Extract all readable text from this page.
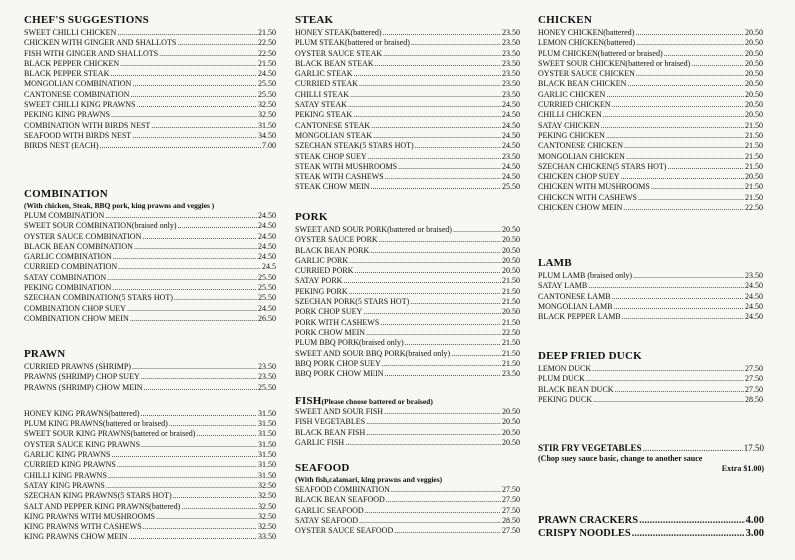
CHEF'S SUGGESTIONS
SWEET CHILLI CHICKEN .....	21.50
CHICKEN WITH GINGER AND SHALLOTS .....	22.50
FISH WITH GINGER AND SHALLOTS .....	22.50
BLACK PEPPER CHICKEN .....	21.50
BLACK PEPPER STEAK .....	24.50
MONGOLIAN COMBINATION .....	25.50
CANTONESE COMBINATION .....	25.50
SWEET CHILLI KING PRAWNS .....	32.50
PEKING KING PRAWNS .....	32.50
COMBINATION WITH BIRDS NEST .....	31.50
SEAFOOD WITH BIRDS NEST .....	34.50
BIRDS NEST (EACH) .....	7.00
COMBINATION
(With chicken, Steak, BBQ pork, king prawns and veggies )
PLUM COMBINATION .....	24.50
SWEET SOUR COMBINATION(braised only) .....	24.50
OYSTER SAUCE COMBINATION .....	24.50
BLACK BEAN COMBINATION .....	24.50
GARLIC COMBINATION .....	24.50
CURRIED COMBINATION .....	24.5
SATAY COMBINATION .....	25.50
PEKING COMBINATION .....	25.50
SZECHAN COMBINATION(5 STARS HOT) .....	25.50
COMBINATION CHOP SUEY .....	24.50
COMBINATION CHOW MEIN .....	26.50
PRAWN
CURRIED PRAWNS (SHRIMP) .....	23.50
PRAWNS (SHRIMP) CHOP SUEY .....	23.50
PRAWNS (SHRIMP) CHOW MEIN .....	25.50
HONEY KING PRAWNS(battered) .....	31.50
PLUM KING PRAWNS(battered or braised) .....	31.50
SWEET SOUR KING PRAWNS(battered or braised) .....	31.50
OYSTER SAUCE KING PRAWNS .....	31.50
GARLIC KING PRAWNS .....	31.50
CURRIED KING PRAWNS .....	31.50
CHILLI KING PRAWNS .....	31.50
SATAY KING PRAWNS .....	32.50
SZECHAN KING PRAWNS(5 STARS HOT) .....	32.50
SALT AND PEPPER KING PRAWNS(battered) .....	32.50
KING PRAWNS WITH MUSHROOMS .....	32.50
KING PRAWNS WITH CASHEWS .....	32.50
KING PRAWNS CHOW MEIN .....	33.50
STEAK
HONEY STEAK(battered) .....	23.50
PLUM STEAK(battered or braised) .....	23.50
OYSTER SAUCE STEAK .....	23.50
BLACK BEAN STEAK .....	23.50
GARLIC STEAK .....	23.50
CURRIED STEAK .....	23.50
CHILLI STEAK .....	23.50
SATAY STEAK .....	24.50
PEKING STEAK .....	24.50
CANTONESE STEAK .....	24.50
MONGOLIAN STEAK .....	24.50
SZECHAN STEAK(5 STARS HOT) .....	24.50
STEAK CHOP SUEY .....	23.50
STEAK WITH MUSHROOMS .....	24.50
STEAK WITH CASHEWS .....	24.50
STEAK CHOW MEIN .....	25.50
PORK
SWEET AND SOUR PORK(battered or braised) .....	20.50
OYSTER SAUCE PORK .....	20.50
BLACK BEAN PORK .....	20.50
GARLIC PORK .....	20.50
CURRIED PORK .....	20.50
SATAY PORK .....	21.50
PEKING PORK .....	21.50
SZECHAN PORK(5 STARS HOT) .....	21.50
PORK CHOP SUEY .....	20.50
PORK WITH CASHEWS .....	21.50
PORK CHOW MEIN .....	22.50
PLUM BBQ PORK(braised only) .....	21.50
SWEET AND SOUR BBQ PORK(braised only) .....	21.50
BBQ PORK CHOP SUEY .....	21.50
BBQ PORK CHOW MEIN .....	23.50
FISH(Please choose battered or braised)
SWEET AND SOUR FISH .....	20.50
FISH VEGETABLES .....	20.50
BLACK BEAN FISH .....	20.50
GARLIC FISH .....	20.50
SEAFOOD
(With fish,calamari, king prawns and veggies)
SEAFOOD COMBINATION .....	27.50
BLACK BEAN SEAFOOD .....	27.50
GARLIC SEAFOOD .....	27.50
SATAY SEAFOOD .....	28.50
OYSTER SAUCE SEAFOOD .....	27.50
CHICKEN
HONEY CHICKEN(battered) .....	20.50
LEMON CHICKEN(battered) .....	20.50
PLUM CHICKEN(battered or braised) .....	20.50
SWEET SOUR CHICKEN(battered or braised) .....	20.50
OYSTER SAUCE CHICKEN .....	20.50
BLACK BEAN CHICKEN .....	20.50
GARLIC CHICKEN .....	20.50
CURRIED CHICKEN .....	20.50
CHILLI CHICKEN .....	20.50
SATAY CHICKEN .....	21.50
PEKING CHICKEN .....	21.50
CANTONESE CHICKEN .....	21.50
MONGOLIAN CHICKEN .....	21.50
SZECHAN CHICKEN(5 STARS HOT) .....	21.50
CHICKEN CHOP SUEY .....	20.50
CHICKEN WITH MUSHROOMS .....	21.50
CHICKCN WITH CASHEWS .....	21.50
CHICKEN CHOW MEIN .....	22.50
LAMB
PLUM LAMB (braised only) .....	23.50
SATAY LAMB .....	24.50
CANTONESE LAMB .....	24.50
MONGOLIAN LAMB .....	24.50
BLACK PEPPER LAMB .....	24.50
DEEP FRIED DUCK
LEMON DUCK .....	27.50
PLUM DUCK .....	27.50
BLACK BEAN DUCK .....	27.50
PEKING DUCK .....	28.50
STIR FRY VEGETABLES .....	17.50
(Chop suey sauce basic, change to another sauce
Extra $1.00)
PRAWN CRACKERS .....	4.00
CRISPY NOODLES .....	3.00
